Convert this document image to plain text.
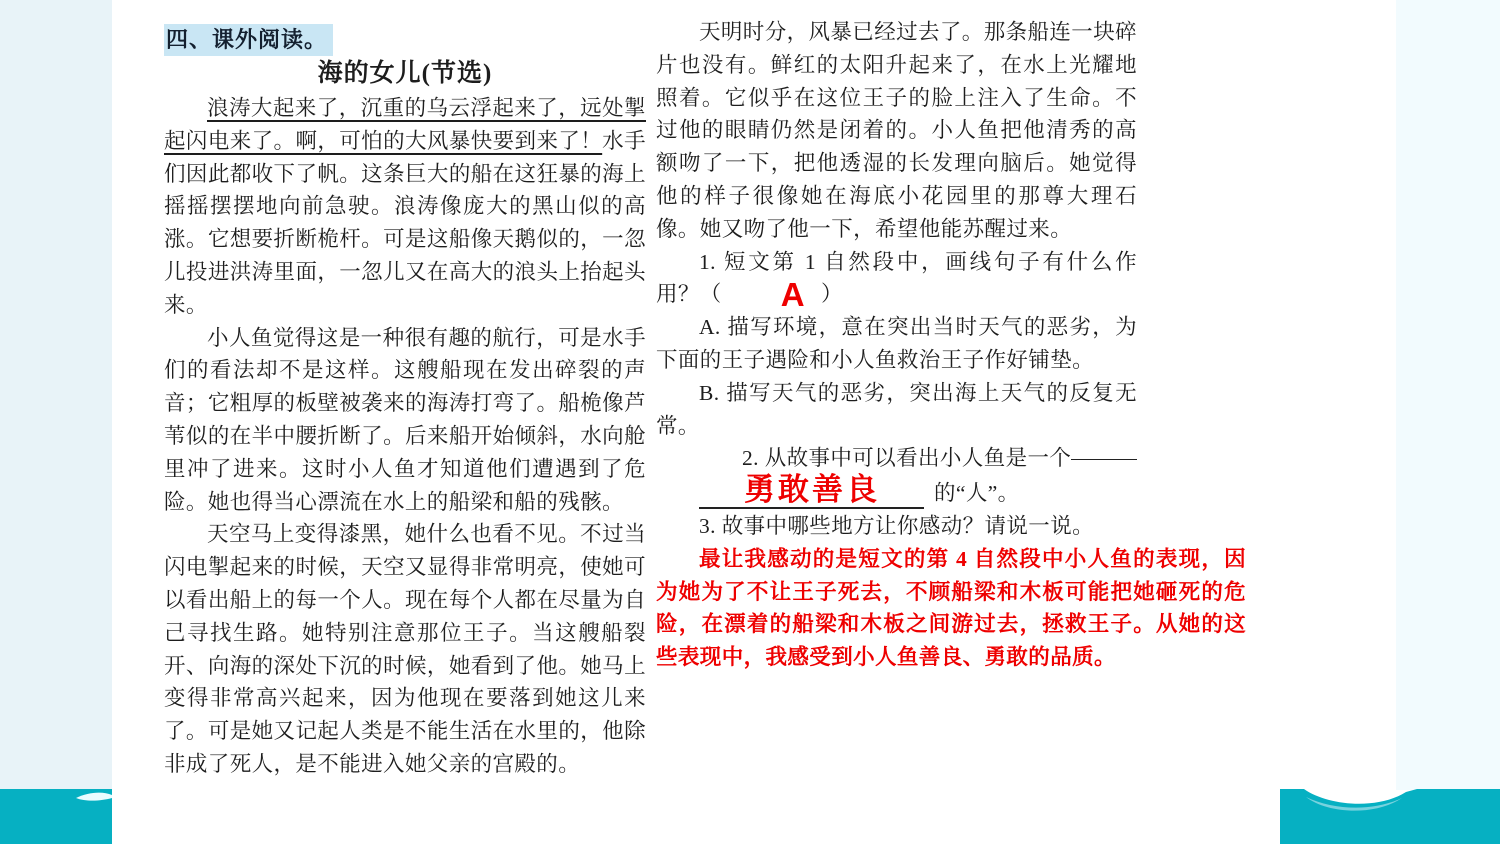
四、课外阅读。
海的女儿(节选)

浪涛大起来了，沉重的乌云浮起来了，远处掣起闪电来了。啊，可怕的大风暴快要到来了！水手们因此都收下了帆。这条巨大的船在这狂暴的海上摇摇摆摆地向前急驶。浪涛像庞大的黑山似的高涨。它想要折断桅杆。可是这船像天鹅似的，一忽儿投进洪涛里面，一忽儿又在高大的浪头上抬起头来。

小人鱼觉得这是一种很有趣的航行，可是水手们的看法却不是这样。这艘船现在发出碎裂的声音；它粗厚的板壁被袭来的海涛打弯了。船桅像芦苇似的在半中腰折断了。后来船开始倾斜，水向舱里冲了进来。这时小人鱼才知道他们遭遇到了危险。她也得当心漂流在水上的船梁和船的残骸。

天空马上变得漆黑，她什么也看不见。不过当闪电掣起来的时候，天空又显得非常明亮，使她可以看出船上的每一个人。现在每个人都在尽量为自己寻找生路。她特别注意那位王子。当这艘船裂开、向海的深处下沉的时候，她看到了他。她马上变得非常高兴起来，因为他现在要落到她这儿来了。可是她又记起人类是不能生活在水里的，他除非成了死人，是不能进入她父亲的宫殿的。

天明时分，风暴已经过去了。那条船连一块碎片也没有。鲜红的太阳升起来了，在水上光耀地照着。它似乎在这位王子的脸上注入了生命。不过他的眼睛仍然是闭着的。小人鱼把他清秀的高额吻了一下，把他透湿的长发理向脑后。她觉得他的样子很像她在海底小花园里的那尊大理石像。她又吻了他一下，希望他能苏醒过来。

1. 短文第 1 自然段中，画线句子有什么作用？（ A ）

A. 描写环境，意在突出当时天气的恶劣，为下面的王子遇险和小人鱼救治王子作好铺垫。

B. 描写天气的恶劣，突出海上天气的反复无常。

2. 从故事中可以看出小人鱼是一个

勇敢善良	的“人”。

3. 故事中哪些地方让你感动？请说一说。

最让我感动的是短文的第 4 自然段中小人鱼的表现，因为她为了不让王子死去，不顾船梁和木板可能把她砸死的危险，在漂着的船梁和木板之间游过去，拯救王子。从她的这些表现中，我感受到小人鱼善良、勇敢的品质。
